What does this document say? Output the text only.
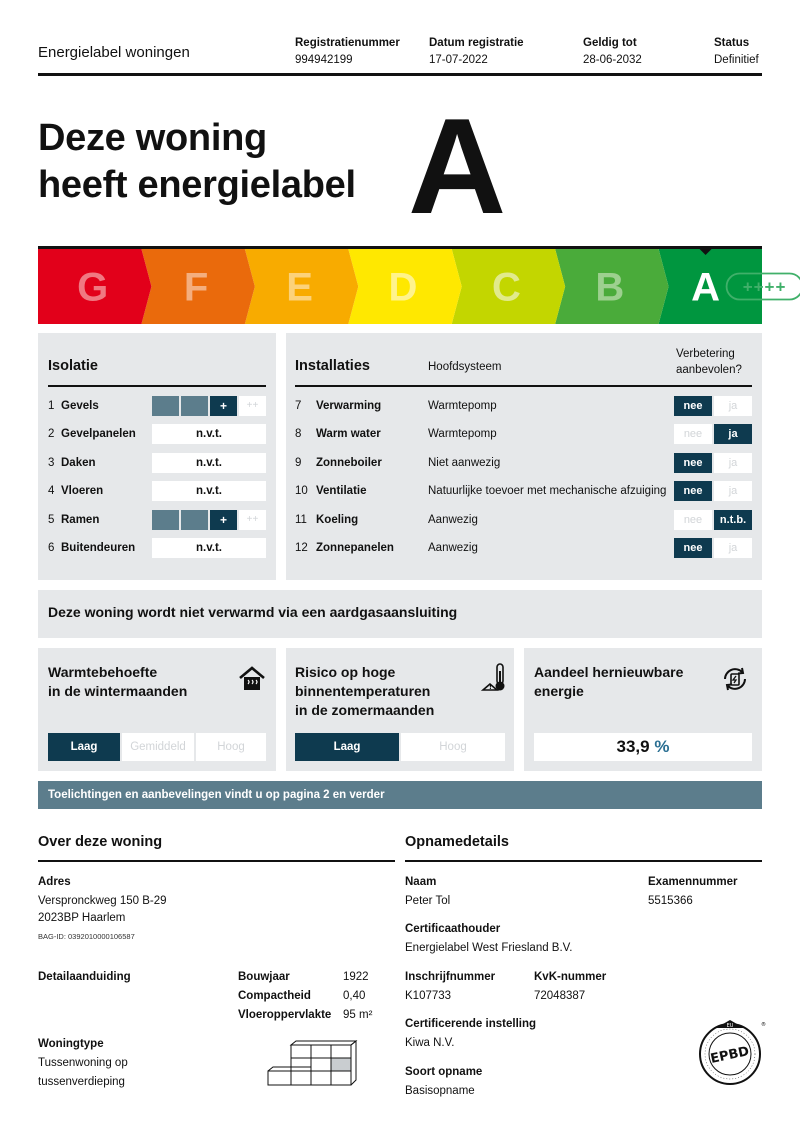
Energielabel woningen
Registratienummer
994942199
Datum registratie
17-07-2022
Geldig tot
28-06-2032
Status
Definitief
Deze woning
heeft energielabel A
G F E D C B A ++++
Isolatie
1 Gevels	+	++
2 Gevelpanelen	n.v.t.
3 Daken	n.v.t.
4 Vloeren	n.v.t.
5 Ramen	+	++
6 Buitendeuren	n.v.t.
Installaties	Hoofdsysteem
Verbetering
aanbevolen?
7 Verwarming	Warmtepomp	nee	ja
8 Warm water	Warmtepomp	nee	ja
9 Zonneboiler	Niet aanwezig	nee	ja
10 Ventilatie	Natuurlijke toevoer met mechanische afzuiging	nee	ja
11 Koeling	Aanwezig	nee	n.t.b.
12 Zonnepanelen	Aanwezig	nee	ja
Deze woning wordt niet verwarmd via een aardgasaansluiting
Warmtebehoefte
in de wintermaanden
Laag	Gemiddeld	Hoog
Risico op hoge
binnentemperaturen
in de zomermaanden
!
Laag	Hoog
Aandeel hernieuwbare
energie
33,9 %
Toelichtingen en aanbevelingen vindt u op pagina 2 en verder
Over deze woning
Adres
Verspronckweg 150 B-29
2023BP Haarlem
BAG-ID: 0392010000106587
Detailaanduiding	Bouwjaar	1922
Compactheid	0,40
Vloeroppervlakte 95 m²
Woningtype
Tussenwoning op
tussenverdieping
Opnamedetails
Naam
Peter Tol
Examennummer
5515366
Certificaathouder
Energielabel West Friesland B.V.
Inschrijfnummer
K107733
KvK-nummer
72048387
Certificerende instelling
Kiwa N.V.
Soort opname
Basisopname
EU
EPBD
®
